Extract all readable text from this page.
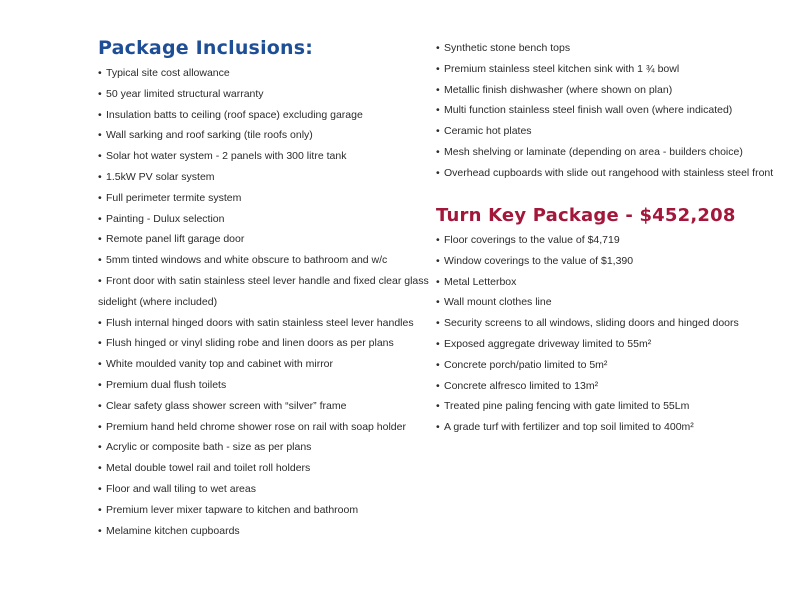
Package Inclusions:
• Typical site cost allowance
• 50 year limited structural warranty
• Insulation batts to ceiling (roof space) excluding garage
• Wall sarking and roof sarking (tile roofs only)
• Solar hot water system - 2 panels with 300 litre tank
• 1.5kW PV solar system
• Full perimeter termite system
• Painting - Dulux selection
• Remote panel lift garage door
• 5mm tinted windows and white obscure to bathroom and w/c
• Front door with satin stainless steel lever handle and fixed clear glass
sidelight (where included)
• Flush internal hinged doors with satin stainless steel lever handles
• Flush hinged or vinyl sliding robe and linen doors as per plans
• White moulded vanity top and cabinet with mirror
• Premium dual flush toilets
• Clear safety glass shower screen with “silver” frame
• Premium hand held chrome shower rose on rail with soap holder
• Acrylic or composite bath - size as per plans
• Metal double towel rail and toilet roll holders
• Floor and wall tiling to wet areas
• Premium lever mixer tapware to kitchen and bathroom
• Melamine kitchen cupboards
• Synthetic stone bench tops
• Premium stainless steel kitchen sink with 1 ¾ bowl
• Metallic finish dishwasher (where shown on plan)
• Multi function stainless steel finish wall oven (where indicated)
• Ceramic hot plates
• Mesh shelving or laminate (depending on area - builders choice)
• Overhead cupboards with slide out rangehood with stainless steel front
Turn Key Package - $452,208
• Floor coverings to the value of $4,719
• Window coverings to the value of $1,390
• Metal Letterbox
• Wall mount clothes line
• Security screens to all windows, sliding doors and hinged doors
• Exposed aggregate driveway limited to 55m²
• Concrete porch/patio limited to 5m²
• Concrete alfresco limited to 13m²
• Treated pine paling fencing with gate limited to 55Lm
• A grade turf with fertilizer and top soil limited to 400m²
